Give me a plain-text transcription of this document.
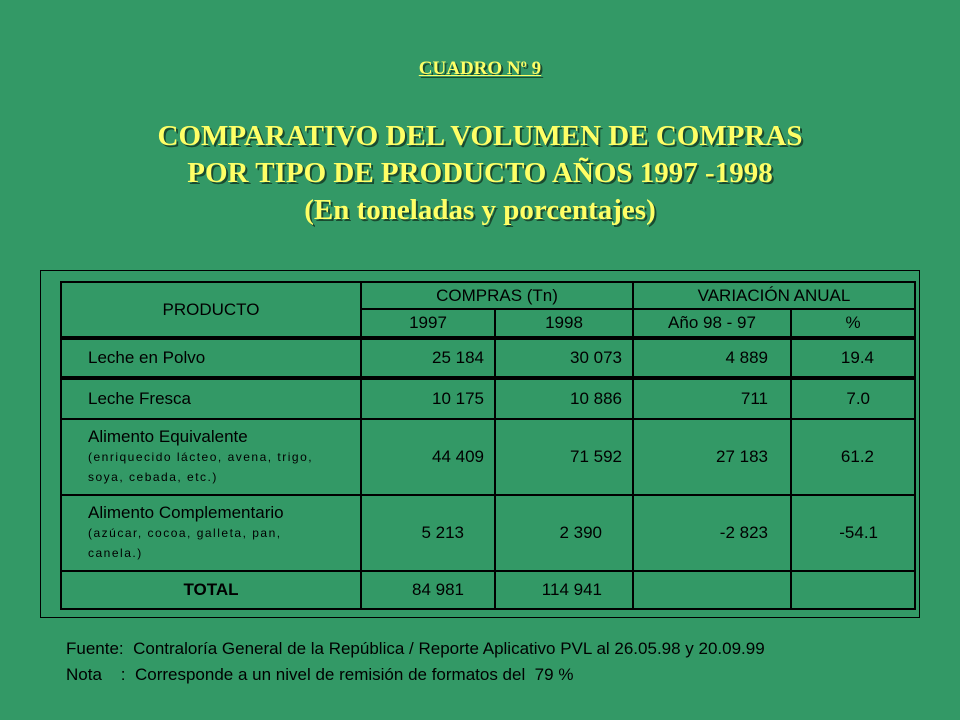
CUADRO Nº 9
COMPARATIVO DEL VOLUMEN DE COMPRAS
POR TIPO DE PRODUCTO AÑOS 1997 -1998
(En toneladas y porcentajes)
PRODUCTO
COMPRAS (Tn)	VARIACIÓN ANUAL
1997	1998	Año 98 - 97	%
Leche en Polvo	25 184	30 073	4 889	19.4
Leche Fresca	10 175	10 886	711	7.0
Alimento Equivalente
(enriquecido lácteo, avena, trigo,
soya, cebada, etc.)
44 409	71 592	27 183	61.2
Alimento Complementario
(azúcar, cocoa, galleta, pan,
canela.)
5 213	2 390	-2 823	-54.1
TOTAL	84 981	114 941
Fuente:  Contraloría General de la República / Reporte Aplicativo PVL al 26.05.98 y 20.09.99
Nota    :  Corresponde a un nivel de remisión de formatos del  79 %
